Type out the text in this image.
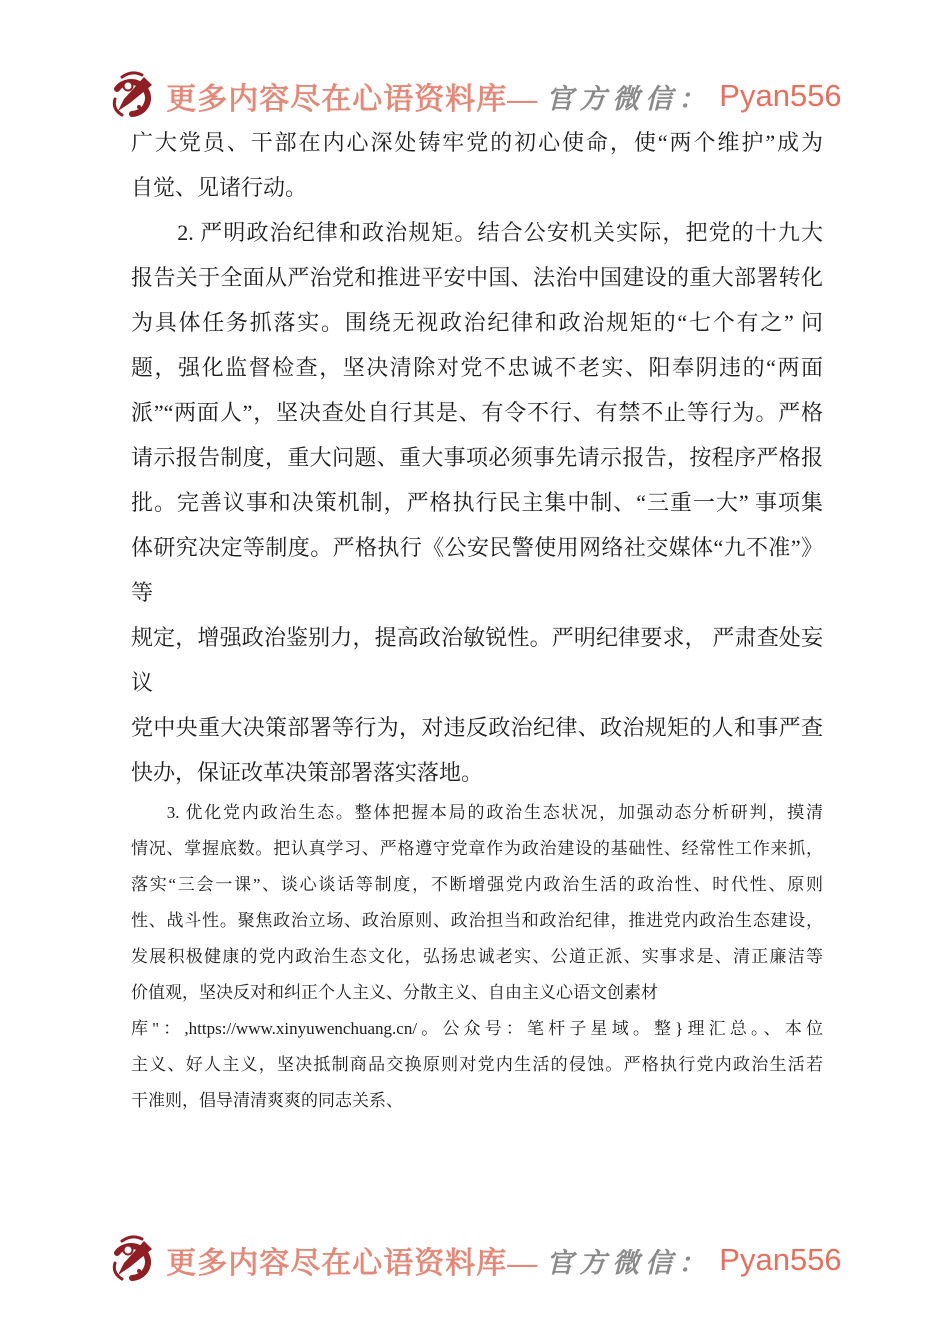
更多内容尽在心语资料库— 官方微信： Pyan556
广大党员、干部在内心深处铸牢党的初心使命，使“两个维护”成为
自觉、见诸行动。
2. 严明政治纪律和政治规矩。结合公安机关实际，把党的十九大
报告关于全面从严治党和推进平安中国、法治中国建设的重大部署转化
为具体任务抓落实。围绕无视政治纪律和政治规矩的“七个有之” 问
题，强化监督检查，坚决清除对党不忠诚不老实、阳奉阴违的“两面
派”“两面人”，坚决查处自行其是、有令不行、有禁不止等行为。严格
请示报告制度，重大问题、重大事项必须事先请示报告，按程序严格报
批。完善议事和决策机制，严格执行民主集中制、“三重一大” 事项集
体研究决定等制度。严格执行《公安民警使用网络社交媒体“九不准”》等
规定，增强政治鉴别力，提高政治敏锐性。严明纪律要求， 严肃查处妄议
党中央重大决策部署等行为，对违反政治纪律、政治规矩的人和事严查
快办，保证改革决策部署落实落地。
3. 优化党内政治生态。整体把握本局的政治生态状况，加强动态分析研判，摸清
情况、掌握底数。把认真学习、严格遵守党章作为政治建设的基础性、经常性工作来抓，
落实“三会一课”、谈心谈话等制度，不断增强党内政治生活的政治性、时代性、原则
性、战斗性。聚焦政治立场、政治原则、政治担当和政治纪律，推进党内政治生态建设，
发展积极健康的党内政治生态文化，弘扬忠诚老实、公道正派、实事求是、清正廉洁等
价值观，坚决反对和纠正个人主义、分散主义、自由主义心语文创素材
库"：,https://www.xinyuwenchuang.cn/。公众号：笔杆子星域。整}理汇总。、本位
主义、好人主义，坚决抵制商品交换原则对党内生活的侵蚀。严格执行党内政治生活若
干准则，倡导清清爽爽的同志关系、
更多内容尽在心语资料库— 官方微信： Pyan556
